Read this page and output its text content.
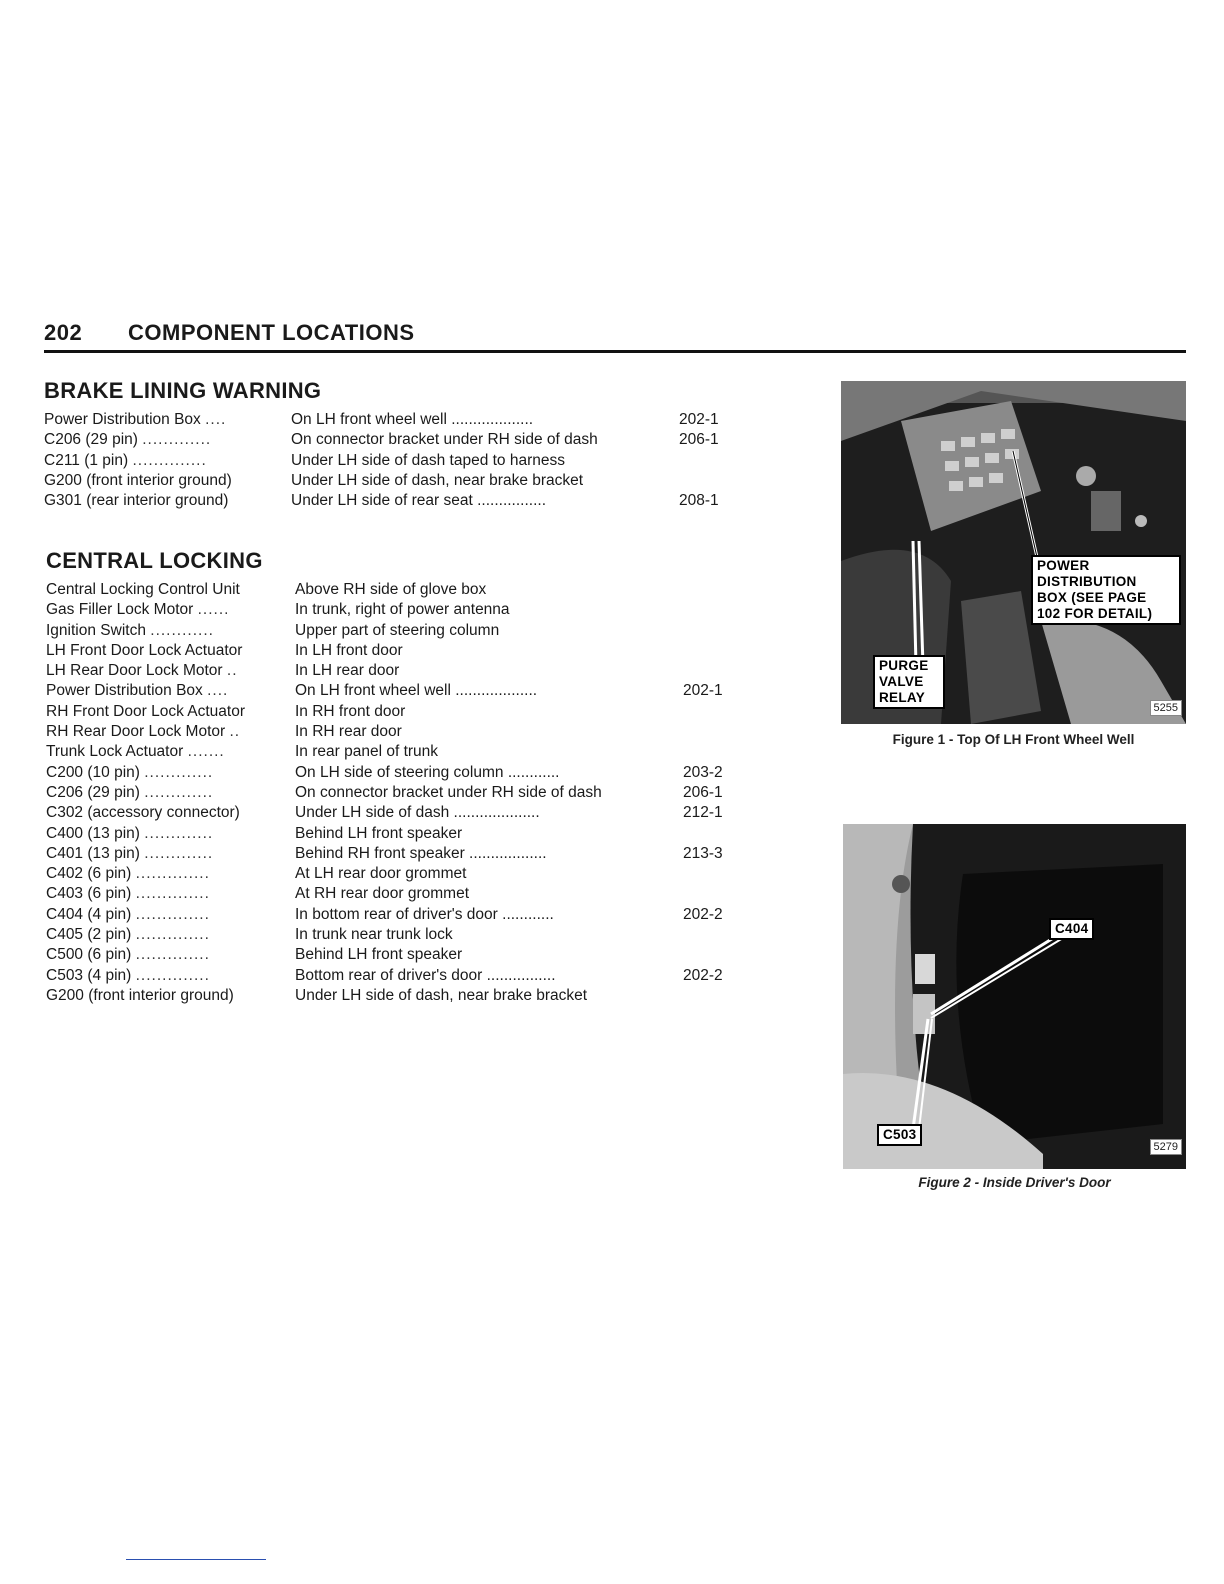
202 COMPONENT LOCATIONS
BRAKE LINING WARNING
Power Distribution Box ....	On LH front wheel well ...................	202-1
C206 (29 pin) .............	On connector bracket under RH side of dash	206-1
C211 (1 pin) ..............	Under LH side of dash taped to harness
G200 (front interior ground)	Under LH side of dash, near brake bracket
G301 (rear interior ground)	Under LH side of rear seat ................	208-1
CENTRAL LOCKING
Central Locking Control Unit	Above RH side of glove box
Gas Filler Lock Motor ......	In trunk, right of power antenna
Ignition Switch ............	Upper part of steering column
LH Front Door Lock Actuator	In LH front door
LH Rear Door Lock Motor ..	In LH rear door
Power Distribution Box ....	On LH front wheel well ...................	202-1
RH Front Door Lock Actuator	In RH front door
RH Rear Door Lock Motor ..	In RH rear door
Trunk Lock Actuator .......	In rear panel of trunk
C200 (10 pin) .............	On LH side of steering column ............	203-2
C206 (29 pin) .............	On connector bracket under RH side of dash	206-1
C302 (accessory connector)	Under LH side of dash ....................	212-1
C400 (13 pin) .............	Behind LH front speaker
C401 (13 pin) .............	Behind RH front speaker ..................	213-3
C402 (6 pin) ..............	At LH rear door grommet
C403 (6 pin) ..............	At RH rear door grommet
C404 (4 pin) ..............	In bottom rear of driver's door ............	202-2
C405 (2 pin) ..............	In trunk near trunk lock
C500 (6 pin) ..............	Behind LH front speaker
C503 (4 pin) ..............	Bottom rear of driver's door ................	202-2
G200 (front interior ground)	Under LH side of dash, near brake bracket
POWER
DISTRIBUTION
BOX (SEE PAGE
102 FOR DETAIL)
PURGE
VALVE
RELAY
5255
Figure 1 - Top Of LH Front Wheel Well
C404
C503
5279
Figure 2 - Inside Driver's Door
